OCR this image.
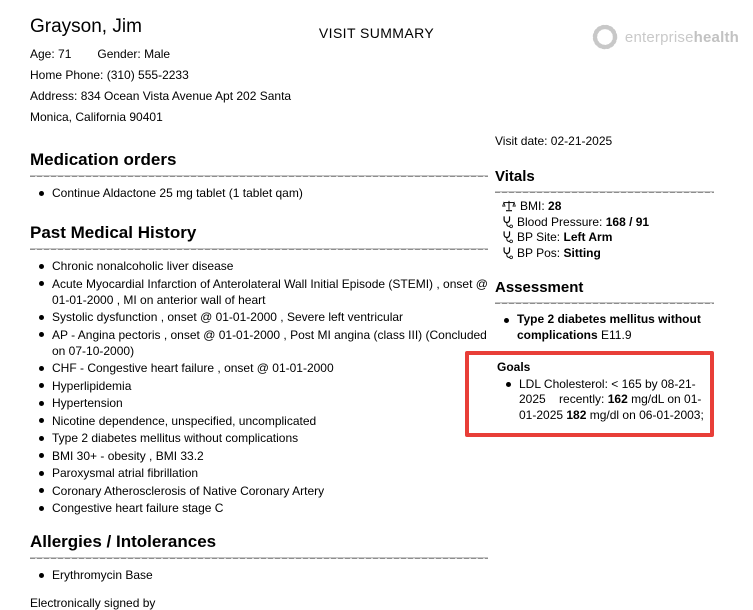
Grayson, Jim	VISIT SUMMARY
Age: 71 Gender: Male
Home Phone: (310) 555-2233
Address: 834 Ocean Vista Avenue Apt 202 Santa Monica, California 90401
enterprisehealth
Medication orders
Continue Aldactone 25 mg tablet (1 tablet qam)
Past Medical History
Chronic nonalcoholic liver disease
Acute Myocardial Infarction of Anterolateral Wall Initial Episode (STEMI) , onset @ 01-01-2000 , MI on anterior wall of heart
Systolic dysfunction , onset @ 01-01-2000 , Severe left ventricular
AP - Angina pectoris , onset @ 01-01-2000 , Post MI angina (class III) (Concluded on 07-10-2000)
CHF - Congestive heart failure , onset @ 01-01-2000
Hyperlipidemia
Hypertension
Nicotine dependence, unspecified, uncomplicated
Type 2 diabetes mellitus without complications
BMI 30+ - obesity , BMI 33.2
Paroxysmal atrial fibrillation
Coronary Atherosclerosis of Native Coronary Artery
Congestive heart failure stage C
Allergies / Intolerances
Erythromycin Base
Electronically signed by

Visit date: 02-21-2025

Vitals
BMI: 28
Blood Pressure: 168 / 91
BP Site: Left Arm
BP Pos: Sitting
Assessment
Type 2 diabetes mellitus without complications E11.9
Goals
LDL Cholesterol: < 165 by 08-21-2025    recently: 162 mg/dL on 01-01-2025 182 mg/dl on 06-01-2003;
